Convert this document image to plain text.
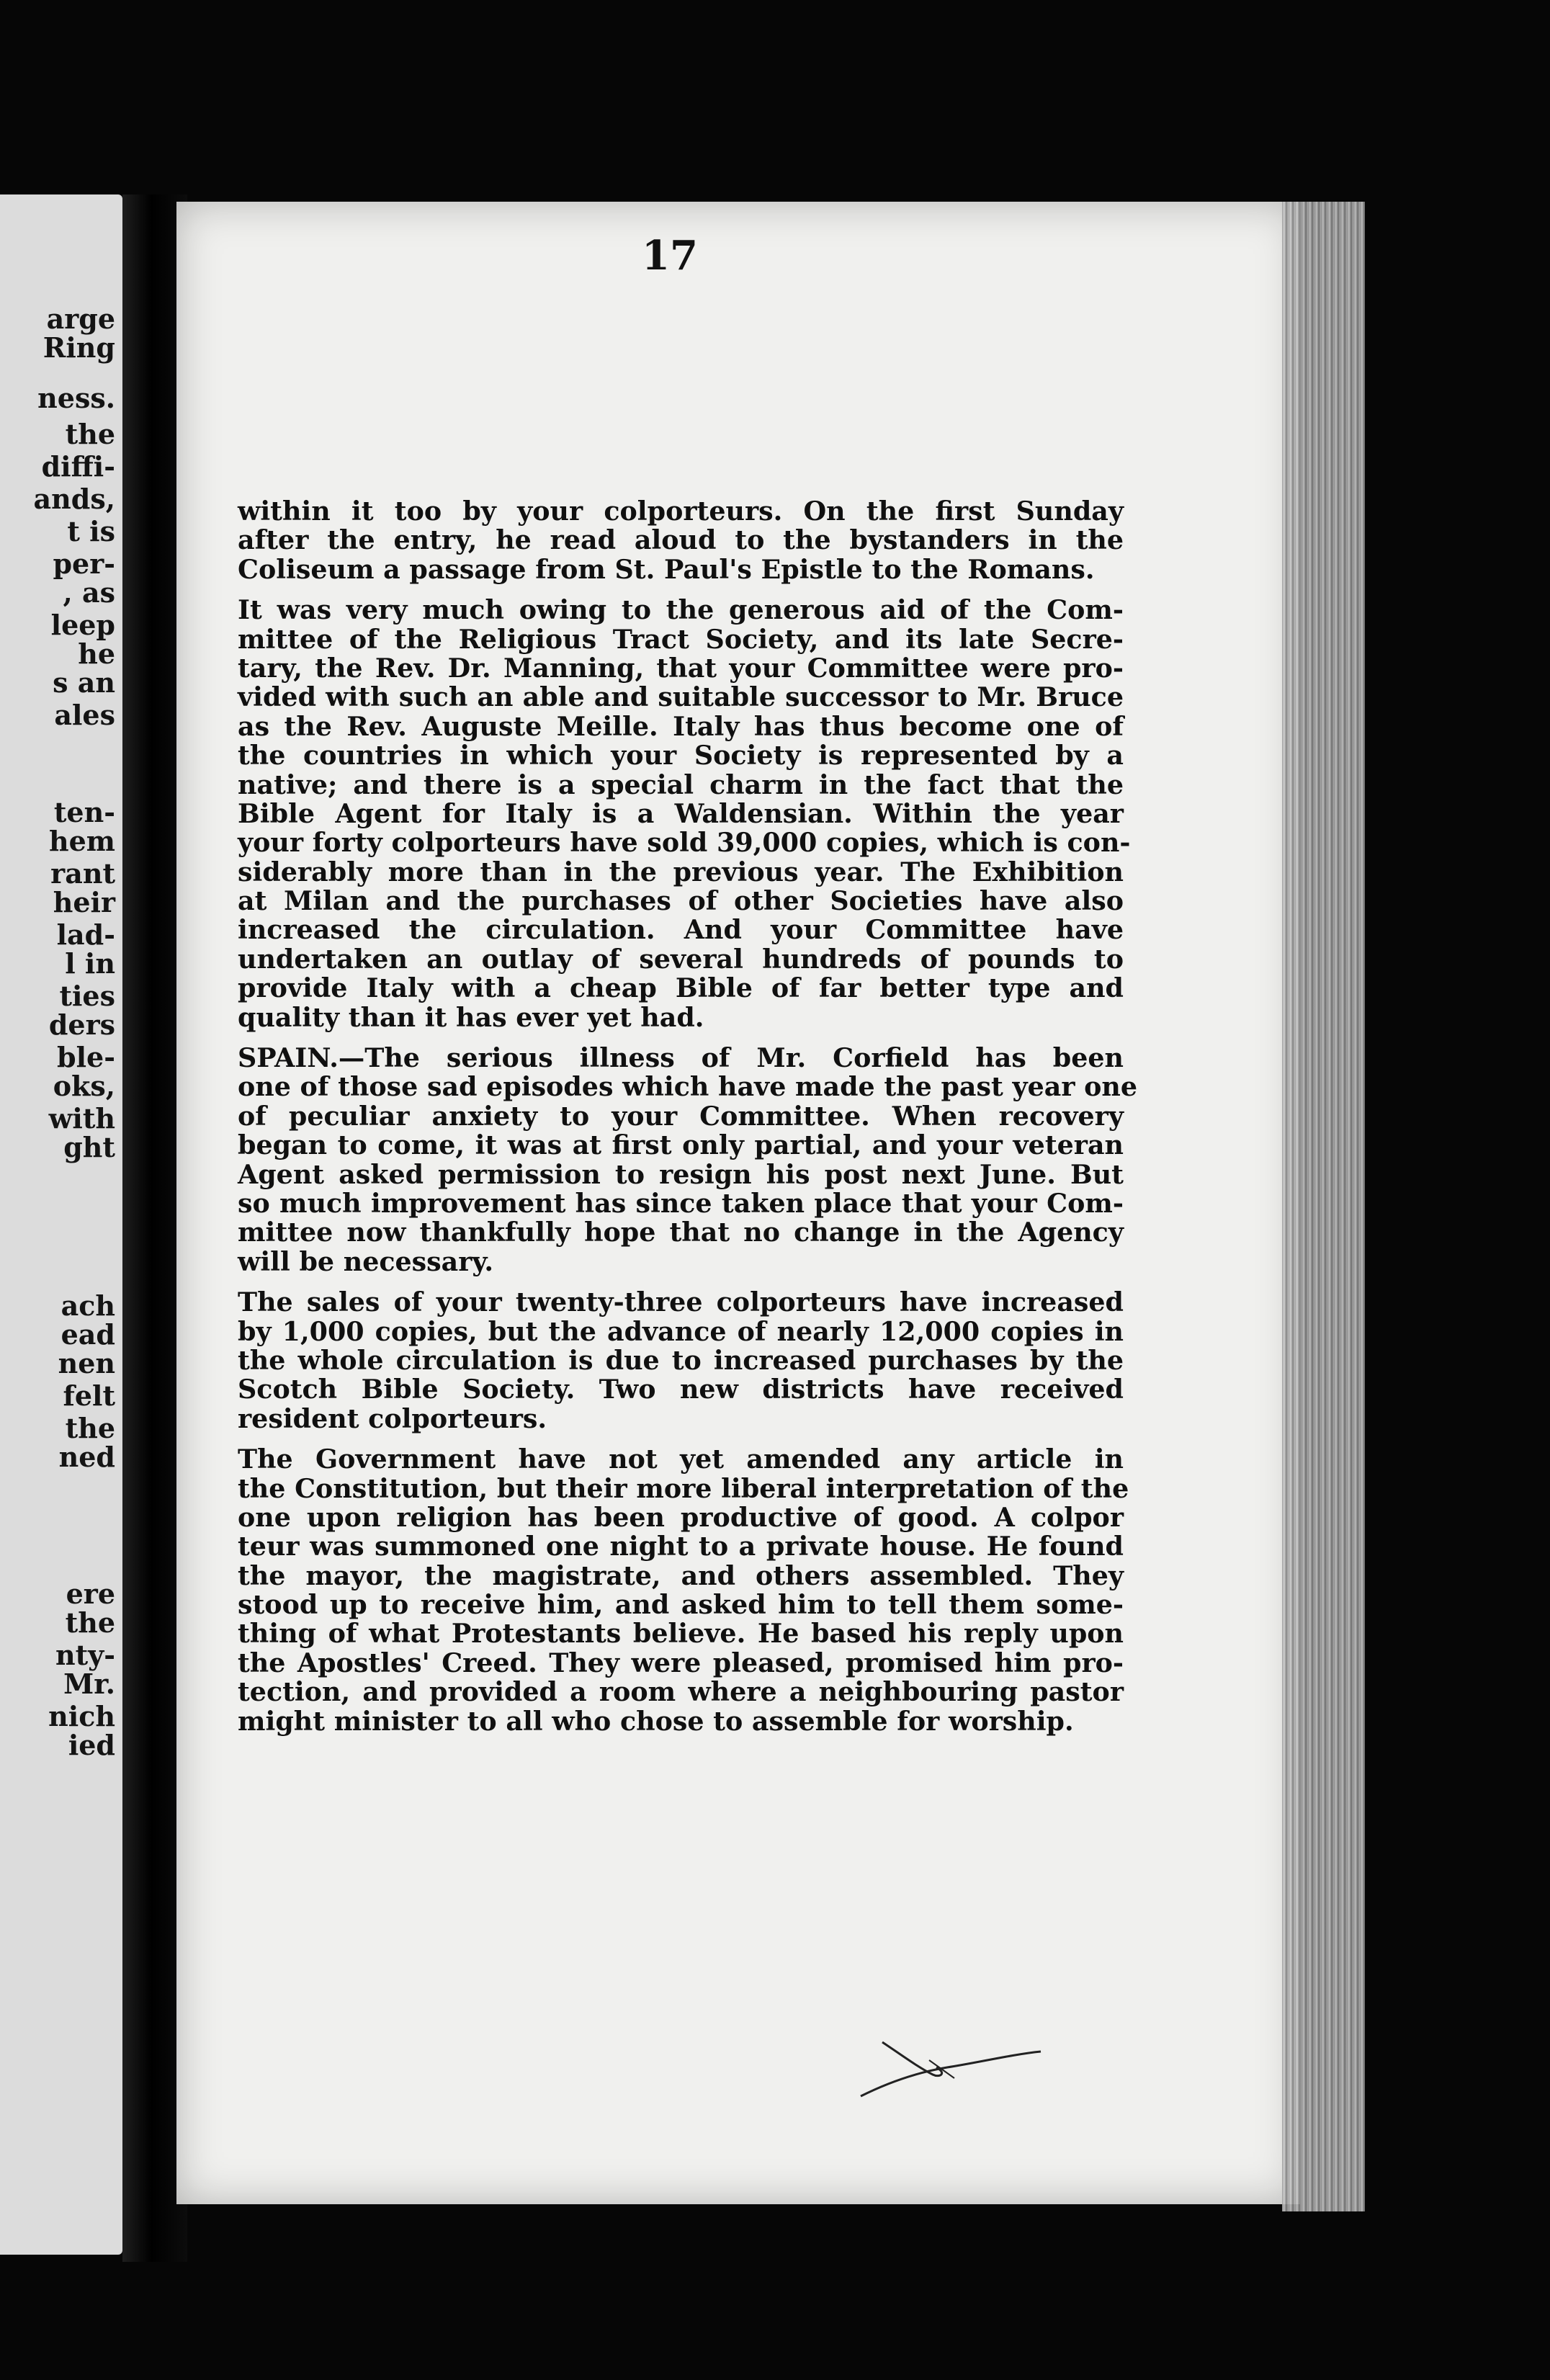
arge
Ring
ness.
the
diffi-
ands,
t is
per-
, as
leep
he
s an
ales
ten-
hem
rant
heir
lad-
l in
ties
ders
ble-
oks,
with
ght
ach
ead
nen
felt
the
ned
ere
the
nty-
Mr.
nich
ied
17
within it too by your colporteurs. On the first Sunday
after the entry, he read aloud to the bystanders in the
Coliseum a passage from St. Paul's Epistle to the Romans.
It was very much owing to the generous aid of the Com-
mittee of the Religious Tract Society, and its late Secre-
tary, the Rev. Dr. Manning, that your Committee were pro-
vided with such an able and suitable successor to Mr. Bruce
as the Rev. Auguste Meille. Italy has thus become one of
the countries in which your Society is represented by a
native; and there is a special charm in the fact that the
Bible Agent for Italy is a Waldensian. Within the year
your forty colporteurs have sold 39,000 copies, which is con-
siderably more than in the previous year. The Exhibition
at Milan and the purchases of other Societies have also
increased the circulation. And your Committee have
undertaken an outlay of several hundreds of pounds to
provide Italy with a cheap Bible of far better type and
quality than it has ever yet had.
SPAIN.—The serious illness of Mr. Corfield has been
one of those sad episodes which have made the past year one
of peculiar anxiety to your Committee. When recovery
began to come, it was at first only partial, and your veteran
Agent asked permission to resign his post next June. But
so much improvement has since taken place that your Com-
mittee now thankfully hope that no change in the Agency
will be necessary.
The sales of your twenty-three colporteurs have increased
by 1,000 copies, but the advance of nearly 12,000 copies in
the whole circulation is due to increased purchases by the
Scotch Bible Society. Two new districts have received
resident colporteurs.
The Government have not yet amended any article in
the Constitution, but their more liberal interpretation of the
one upon religion has been productive of good. A colpor
teur was summoned one night to a private house. He found
the mayor, the magistrate, and others assembled. They
stood up to receive him, and asked him to tell them some-
thing of what Protestants believe. He based his reply upon
the Apostles' Creed. They were pleased, promised him pro-
tection, and provided a room where a neighbouring pastor
might minister to all who chose to assemble for worship.
